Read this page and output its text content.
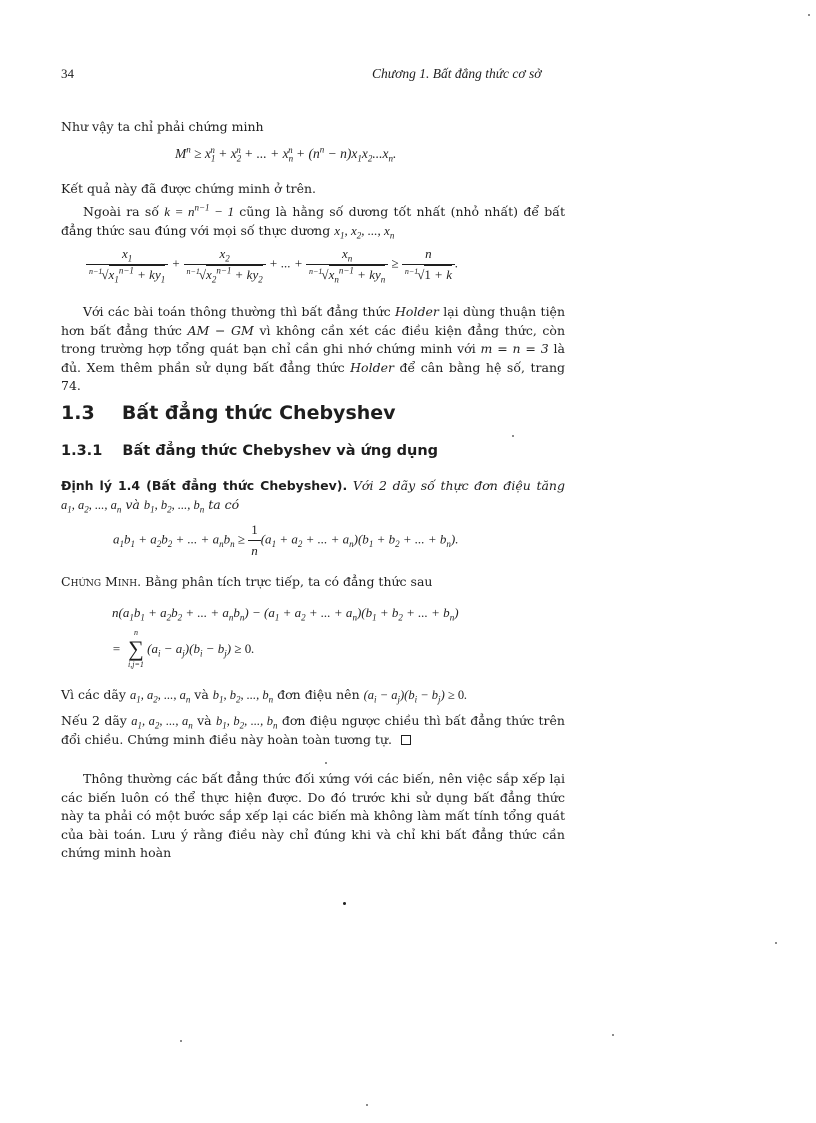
34	Chương 1. Bất đẳng thức cơ sở
Như vậy ta chỉ phải chứng minh
$M^n \ge x_1^n + x_2^n$ + ... + $x_n^n + (n^n - n)x_1x_2...x_n$.
Kết quả này đã được chứng minh ở trên.
Ngoài ra số $k = n^{n-1} - 1$ cũng là hằng số dương tốt nhất (nhỏ nhất) để bất đẳng thức sau đúng với mọi số thực dương $x_1$, $x_2$, ..., $x_n$
$\frac{x_1}{^{n-1}√x_1^{n-1} + ky_1} + \frac{x_2}{^{n-1}√x_2^{n-1} + ky_2}$ + ... + $\frac{x_n}{^{n-1}√x_n^{n-1} + ky_n} \ge \frac{n}{^{n-1}√1 + k}$ .
Với các bài toán thông thường thì bất đẳng thức Holder lại dùng thuận tiện hơn bất đẳng thức AM − GM vì không cần xét các điều kiện đẳng thức, còn trong trường hợp tổng quát bạn chỉ cần ghi nhớ chứng minh với m = n = 3 là đủ. Xem thêm phần sử dụng bất đẳng thức Holder để cân bằng hệ số, trang 74.
1.3 Bất đẳng thức Chebyshev
1.3.1 Bất đẳng thức Chebyshev và ứng dụng
Định lý 1.4 (Bất đẳng thức Chebyshev). Với 2 dãy số thực đơn điệu tăng $a_1$, $a_2$, ..., $a_n$ và $b_1$, $b_2$, ..., $b_n$ ta có
$a_1b_1 + a_2b_2$ + ... + $a_nb_n \ge \frac{1}{n} (a_1 + a_2$ + ... + $a_n)(b_1 + b_2$ + ... + $b_n$).
Chứng Minh. Bằng phân tích trực tiếp, ta có đẳng thức sau
$n(a_1b_1 + a_2b_2$ + ... + $a_nb_n) - (a_1 + a_2$ + ... + $a_n)(b_1 + b_2$ + ... + $b_n$)
=
n
∑
i,j=1
$(a_i - a_j)(b_i - b_j) \ge 0$.
Vì các dãy $a_1$, $a_2$, ..., $a_n$ và $b_1$, $b_2$, ..., $b_n$ đơn điệu nên $(a_i - a_j)(b_i - b_j) \ge 0$.
Nếu 2 dãy $a_1$, $a_2$, ..., $a_n$ và $b_1$, $b_2$, ..., $b_n$ đơn điệu ngược chiều thì bất đẳng thức trên đổi chiều. Chứng minh điều này hoàn toàn tương tự.
Thông thường các bất đẳng thức đối xứng với các biến, nên việc sắp xếp lại các biến luôn có thể thực hiện được. Do đó trước khi sử dụng bất đẳng thức này ta phải có một bước sắp xếp lại các biến mà không làm mất tính tổng quát của bài toán. Lưu ý rằng điều này chỉ đúng khi và chỉ khi bất đẳng thức cần chứng minh hoàn
